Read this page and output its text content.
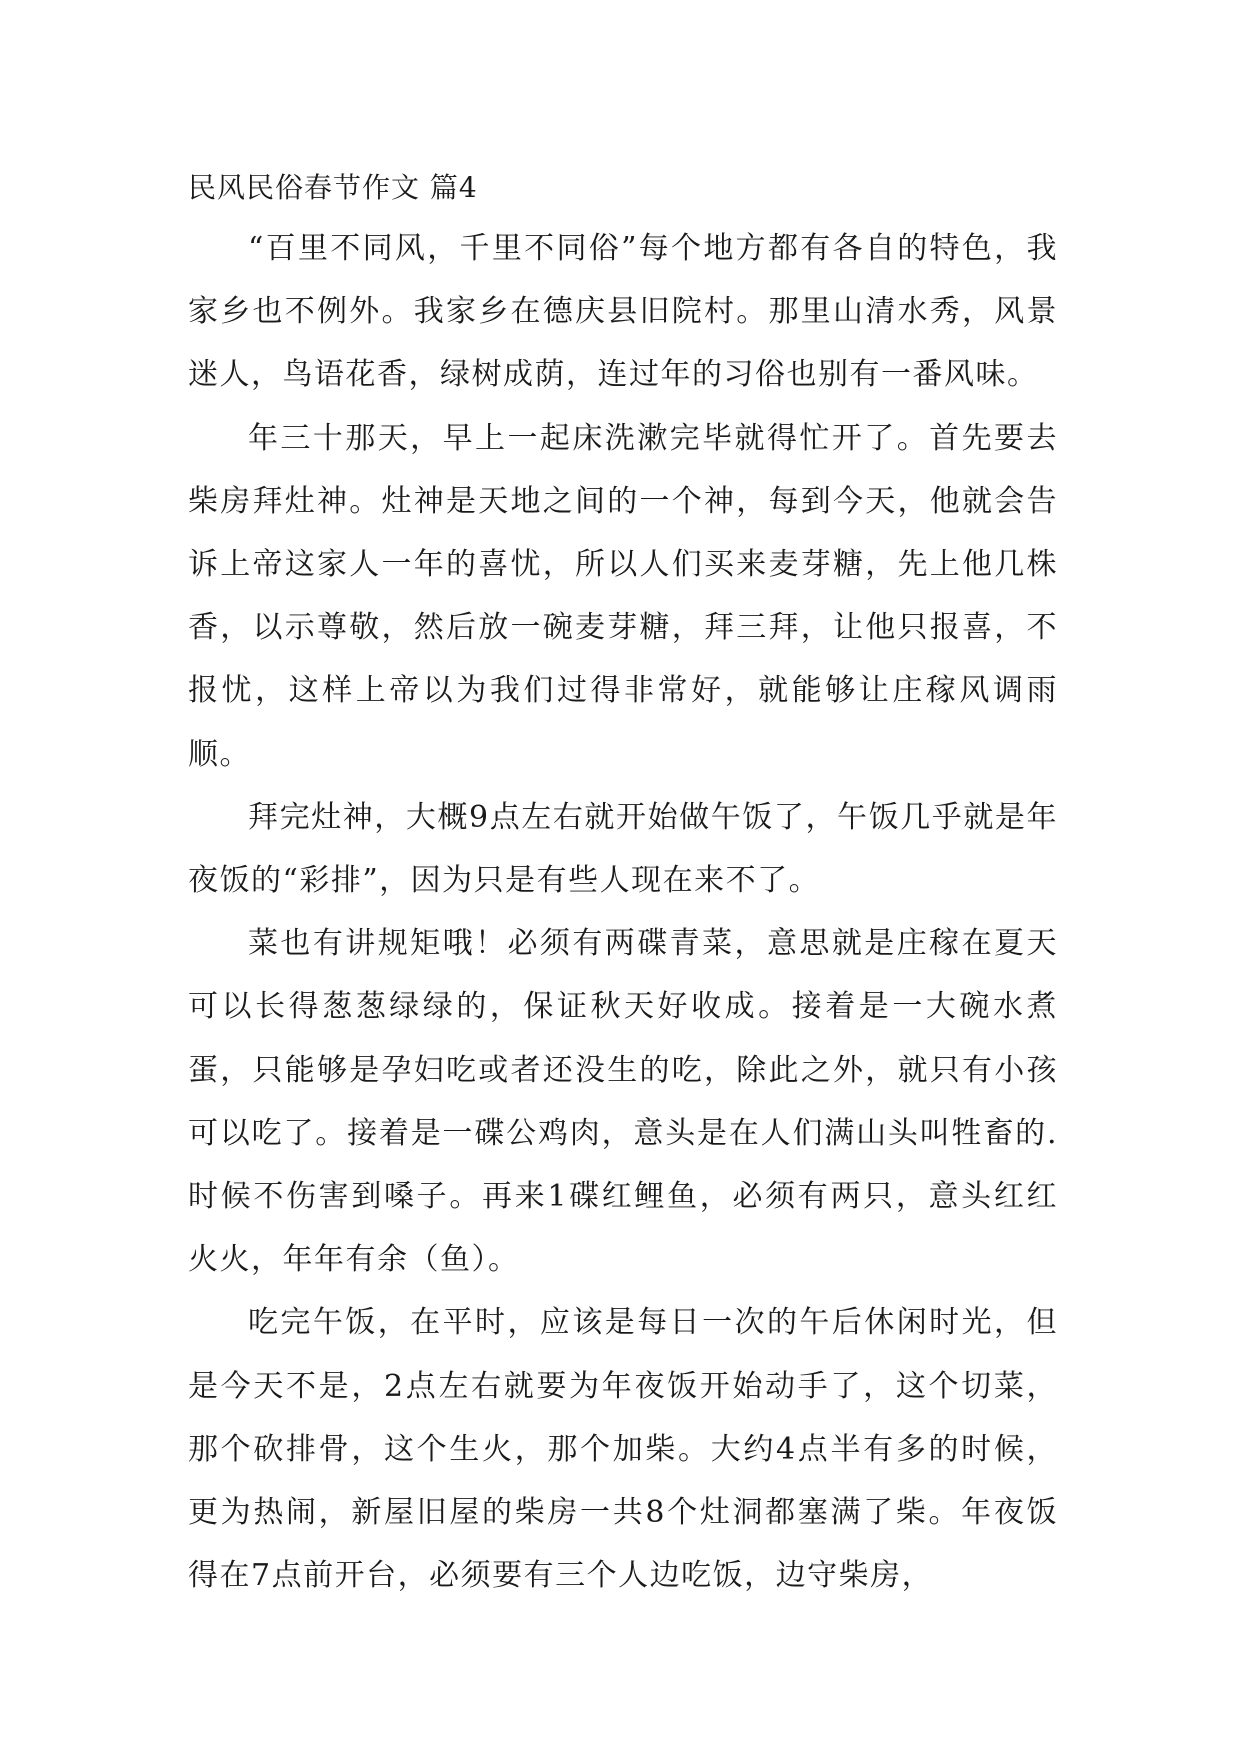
民风民俗春节作文 篇4

“百里不同风，千里不同俗”每个地方都有各自的特色，我家乡也不例外。我家乡在德庆县旧院村。那里山清水秀，风景迷人，鸟语花香，绿树成荫，连过年的习俗也别有一番风味。

年三十那天，早上一起床洗漱完毕就得忙开了。首先要去柴房拜灶神。灶神是天地之间的一个神，每到今天，他就会告诉上帝这家人一年的喜忧，所以人们买来麦芽糖，先上他几株香，以示尊敬，然后放一碗麦芽糖，拜三拜，让他只报喜，不报忧，这样上帝以为我们过得非常好，就能够让庄稼风调雨顺。

拜完灶神，大概9点左右就开始做午饭了，午饭几乎就是年夜饭的“彩排”，因为只是有些人现在来不了。

菜也有讲规矩哦！必须有两碟青菜，意思就是庄稼在夏天可以长得葱葱绿绿的，保证秋天好收成。接着是一大碗水煮蛋，只能够是孕妇吃或者还没生的吃，除此之外，就只有小孩可以吃了。接着是一碟公鸡肉，意头是在人们满山头叫牲畜的.时候不伤害到嗓子。再来1碟红鲤鱼，必须有两只，意头红红火火，年年有余（鱼）。

吃完午饭，在平时，应该是每日一次的午后休闲时光，但是今天不是，2点左右就要为年夜饭开始动手了，这个切菜，那个砍排骨，这个生火，那个加柴。大约4点半有多的时候，更为热闹，新屋旧屋的柴房一共8个灶洞都塞满了柴。年夜饭得在7点前开台，必须要有三个人边吃饭，边守柴房，
